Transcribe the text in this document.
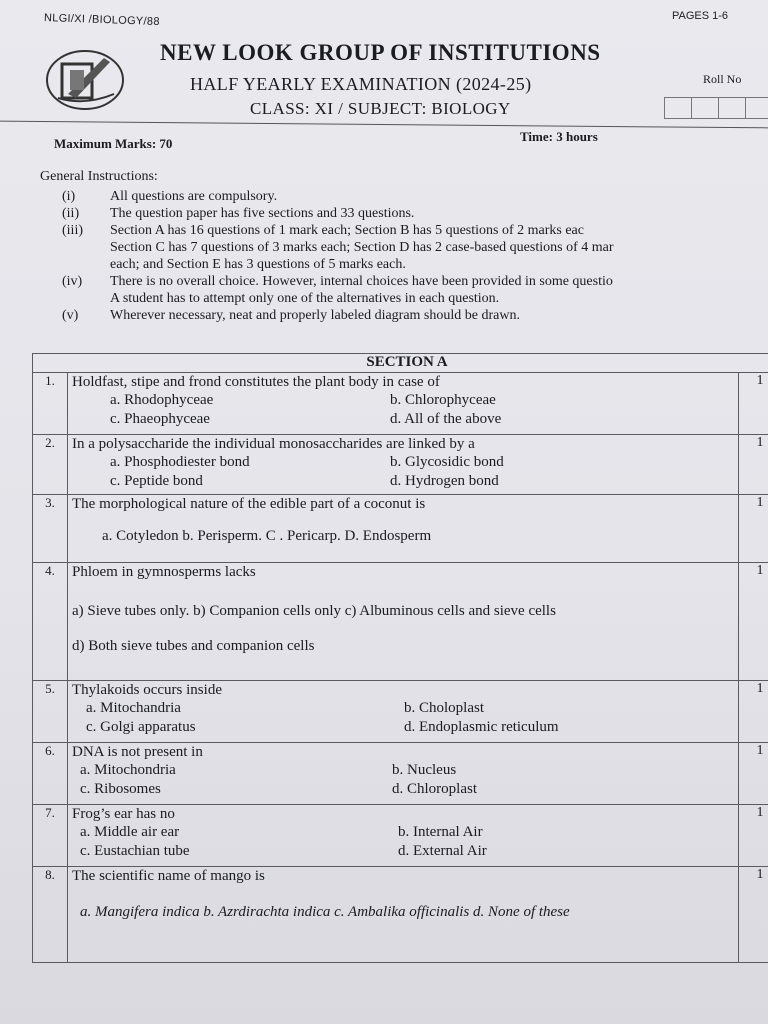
NLGI/XI /BIOLOGY/88	PAGES 1-6
NEW LOOK GROUP OF INSTITUTIONS
HALF YEARLY EXAMINATION (2024-25)
CLASS: XI / SUBJECT: BIOLOGY
Roll No
Maximum Marks: 70	Time: 3 hours
General Instructions:
(i)	All questions are compulsory.
(ii)	The question paper has five sections and 33 questions.
(iii)	Section A has 16 questions of 1 mark each; Section B has 5 questions of 2 marks eac
Section C has 7 questions of 3 marks each; Section D has 2 case-based questions of 4 mar
each; and Section E has 3 questions of 5 marks each.
(iv)	There is no overall choice. However, internal choices have been provided in some questio
A student has to attempt only one of the alternatives in each question.
(v)	Wherever necessary, neat and properly labeled diagram should be drawn.
SECTION A		
1.	Holdfast, stipe and frond constitutes the plant body in case of
a. Rhodophyceae b. Chlorophyceae
c. Phaeophyceae d. All of the above	1
2.	In a polysaccharide the individual monosaccharides are linked by a
a. Phosphodiester bond b. Glycosidic bond
c. Peptide bond d. Hydrogen bond	1
3.	The morphological nature of the edible part of a coconut is
a. Cotyledon b. Perisperm. C . Pericarp. D. Endosperm	1
4.	Phloem in gymnosperms lacks
a) Sieve tubes only. b) Companion cells only c) Albuminous cells and sieve cells
d) Both sieve tubes and companion cells	1
5.	Thylakoids occurs inside
a. Mitochandria b. Choloplast
c. Golgi apparatus d. Endoplasmic reticulum	1
6.	DNA is not present in
a. Mitochondria b. Nucleus
c. Ribosomes d. Chloroplast	1
7.	Frog’s ear has no
a. Middle air ear b. Internal Air
c. Eustachian tube d. External Air	1
8.	The scientific name of mango is
a. Mangifera indica b. Azrdirachta indica c. Ambalika officinalis d. None of these	1
